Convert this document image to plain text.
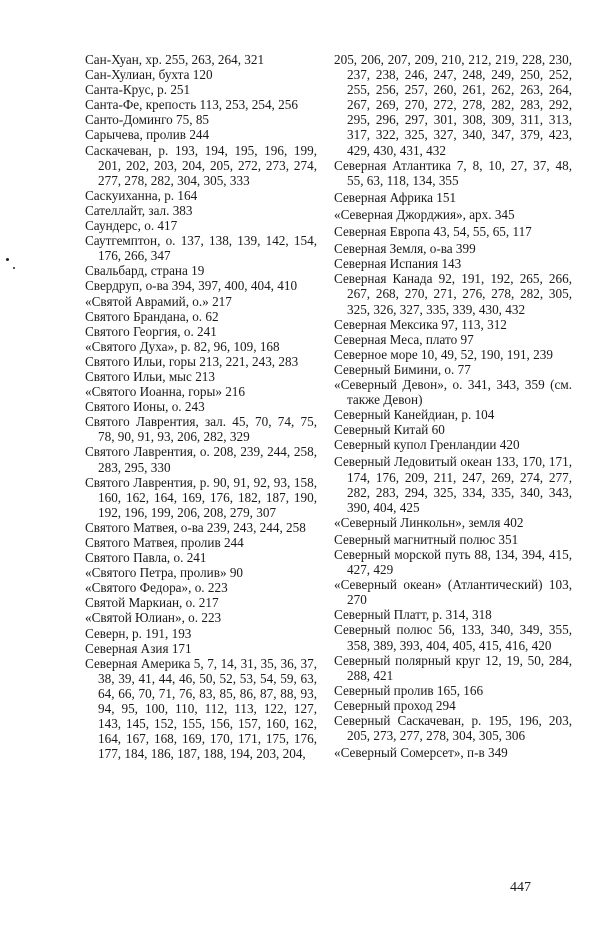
Сан-Хуан, хр. 255, 263, 264, 321
Сан-Хулиан, бухта 120
Санта-Крус, р. 251
Санта-Фе, крепость 113, 253, 254, 256
Санто-Доминго 75, 85
Сарычева, пролив 244
Саскачеван, р. 193, 194, 195, 196, 199, 201, 202, 203, 204, 205, 272, 273, 274, 277, 278, 282, 304, 305, 333
Саскуиханна, р. 164
Сателлайт, зал. 383
Саундерс, о. 417
Саутгемптон, о. 137, 138, 139, 142, 154, 176, 266, 347
Свальбард, страна 19
Свердруп, о-ва 394, 397, 400, 404, 410
«Святой Аврамий, о.» 217
Святого Брандана, о. 62
Святого Георгия, о. 241
«Святого Духа», р. 82, 96, 109, 168
Святого Ильи, горы 213, 221, 243, 283
Святого Ильи, мыс 213
«Святого Иоанна, горы» 216
Святого Ионы, о. 243
Святого Лаврентия, зал. 45, 70, 74, 75, 78, 90, 91, 93, 206, 282, 329
Святого Лаврентия, о. 208, 239, 244, 258, 283, 295, 330
Святого Лаврентия, р. 90, 91, 92, 93, 158, 160, 162, 164, 169, 176, 182, 187, 190, 192, 196, 199, 206, 208, 279, 307
Святого Матвея, о-ва 239, 243, 244, 258
Святого Матвея, пролив 244
Святого Павла, о. 241
«Святого Петра, пролив» 90
«Святого Федора», о. 223
Святой Маркиан, о. 217
«Святой Юлиан», о. 223
Северн, р. 191, 193
Северная Азия 171
Северная Америка 5, 7, 14, 31, 35, 36, 37, 38, 39, 41, 44, 46, 50, 52, 53, 54, 59, 63, 64, 66, 70, 71, 76, 83, 85, 86, 87, 88, 93, 94, 95, 100, 110, 112, 113, 122, 127, 143, 145, 152, 155, 156, 157, 160, 162, 164, 167, 168, 169, 170, 171, 175, 176, 177, 184, 186, 187, 188, 194, 203, 204,
205, 206, 207, 209, 210, 212, 219, 228, 230, 237, 238, 246, 247, 248, 249, 250, 252, 255, 256, 257, 260, 261, 262, 263, 264, 267, 269, 270, 272, 278, 282, 283, 292, 295, 296, 297, 301, 308, 309, 311, 313, 317, 322, 325, 327, 340, 347, 379, 423, 429, 430, 431, 432
Северная Атлантика 7, 8, 10, 27, 37, 48, 55, 63, 118, 134, 355
Северная Африка 151
«Северная Джорджия», арх. 345
Северная Европа 43, 54, 55, 65, 117
Северная Земля, о-ва 399
Северная Испания 143
Северная Канада 92, 191, 192, 265, 266, 267, 268, 270, 271, 276, 278, 282, 305, 325, 326, 327, 335, 339, 430, 432
Северная Мексика 97, 113, 312
Северная Меса, плато 97
Северное море 10, 49, 52, 190, 191, 239
Северный Бимини, о. 77
«Северный Девон», о. 341, 343, 359 (см. также Девон)
Северный Канейдиан, р. 104
Северный Китай 60
Северный купол Гренландии 420
Северный Ледовитый океан 133, 170, 171, 174, 176, 209, 211, 247, 269, 274, 277, 282, 283, 294, 325, 334, 335, 340, 343, 390, 404, 425
«Северный Линкольн», земля 402
Северный магнитный полюс 351
Северный морской путь 88, 134, 394, 415, 427, 429
«Северный океан» (Атлантический) 103, 270
Северный Платт, р. 314, 318
Северный полюс 56, 133, 340, 349, 355, 358, 389, 393, 404, 405, 415, 416, 420
Северный полярный круг 12, 19, 50, 284, 288, 421
Северный пролив 165, 166
Северный проход 294
Северный Саскачеван, р. 195, 196, 203, 205, 273, 277, 278, 304, 305, 306
«Северный Сомерсет», п-в 349
447
